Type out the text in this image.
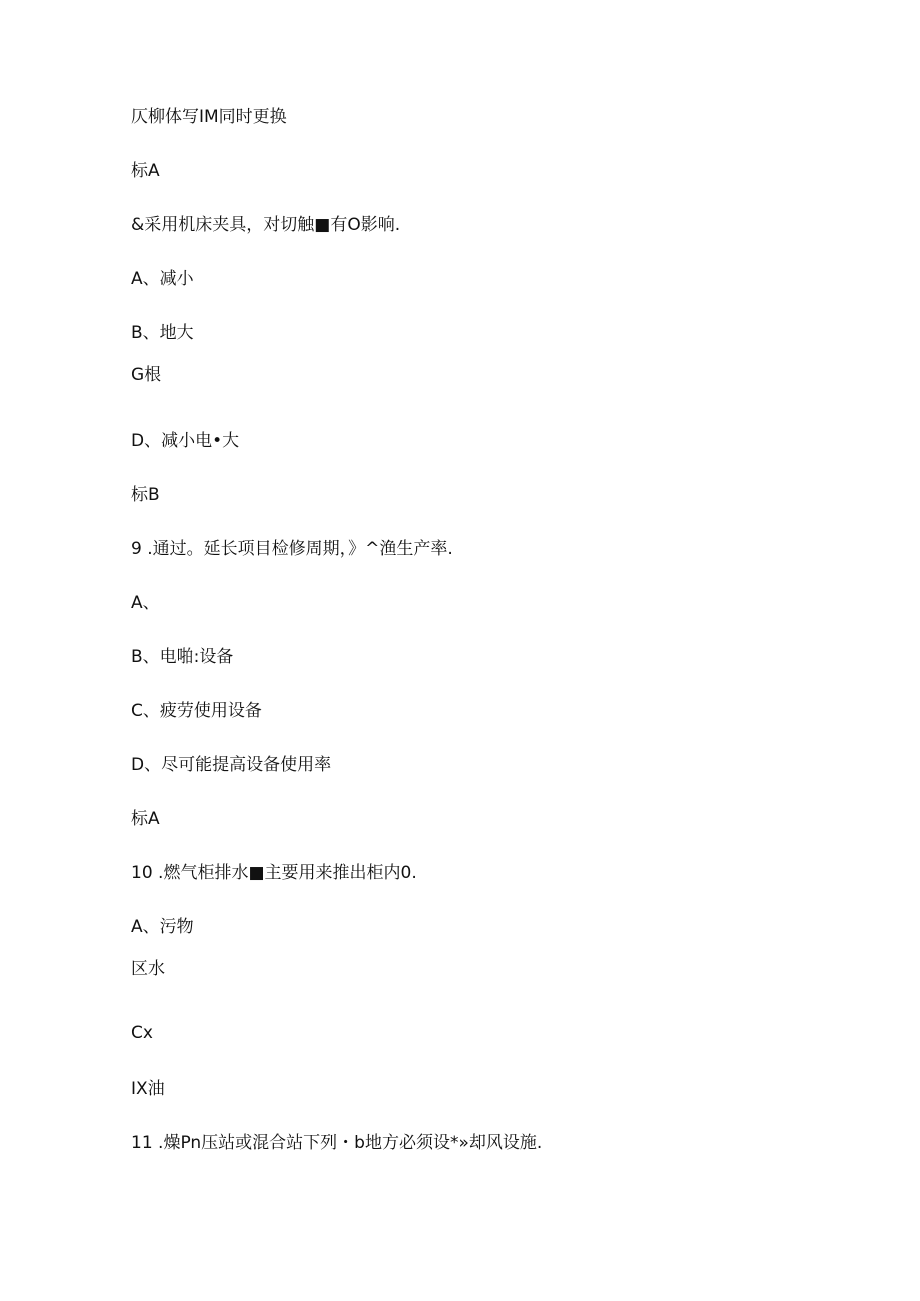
仄柳体写IM同时更换
标A
&采用机床夹具，对切触■有O影响.
A、减小
B、地大
G根
D、减小电•大
标B
9 .通过。延长项目检修周期，》^渔生产率.
A、
B、电啪:设备
C、疲劳使用设备
D、尽可能提高设备使用率
标A
10 .燃气柜排水■主要用来推出柜内0.
A、污物
区水
Cx
IX油
11 .燥Pn压站或混合站下列・b地方必须设*»却风设施.
